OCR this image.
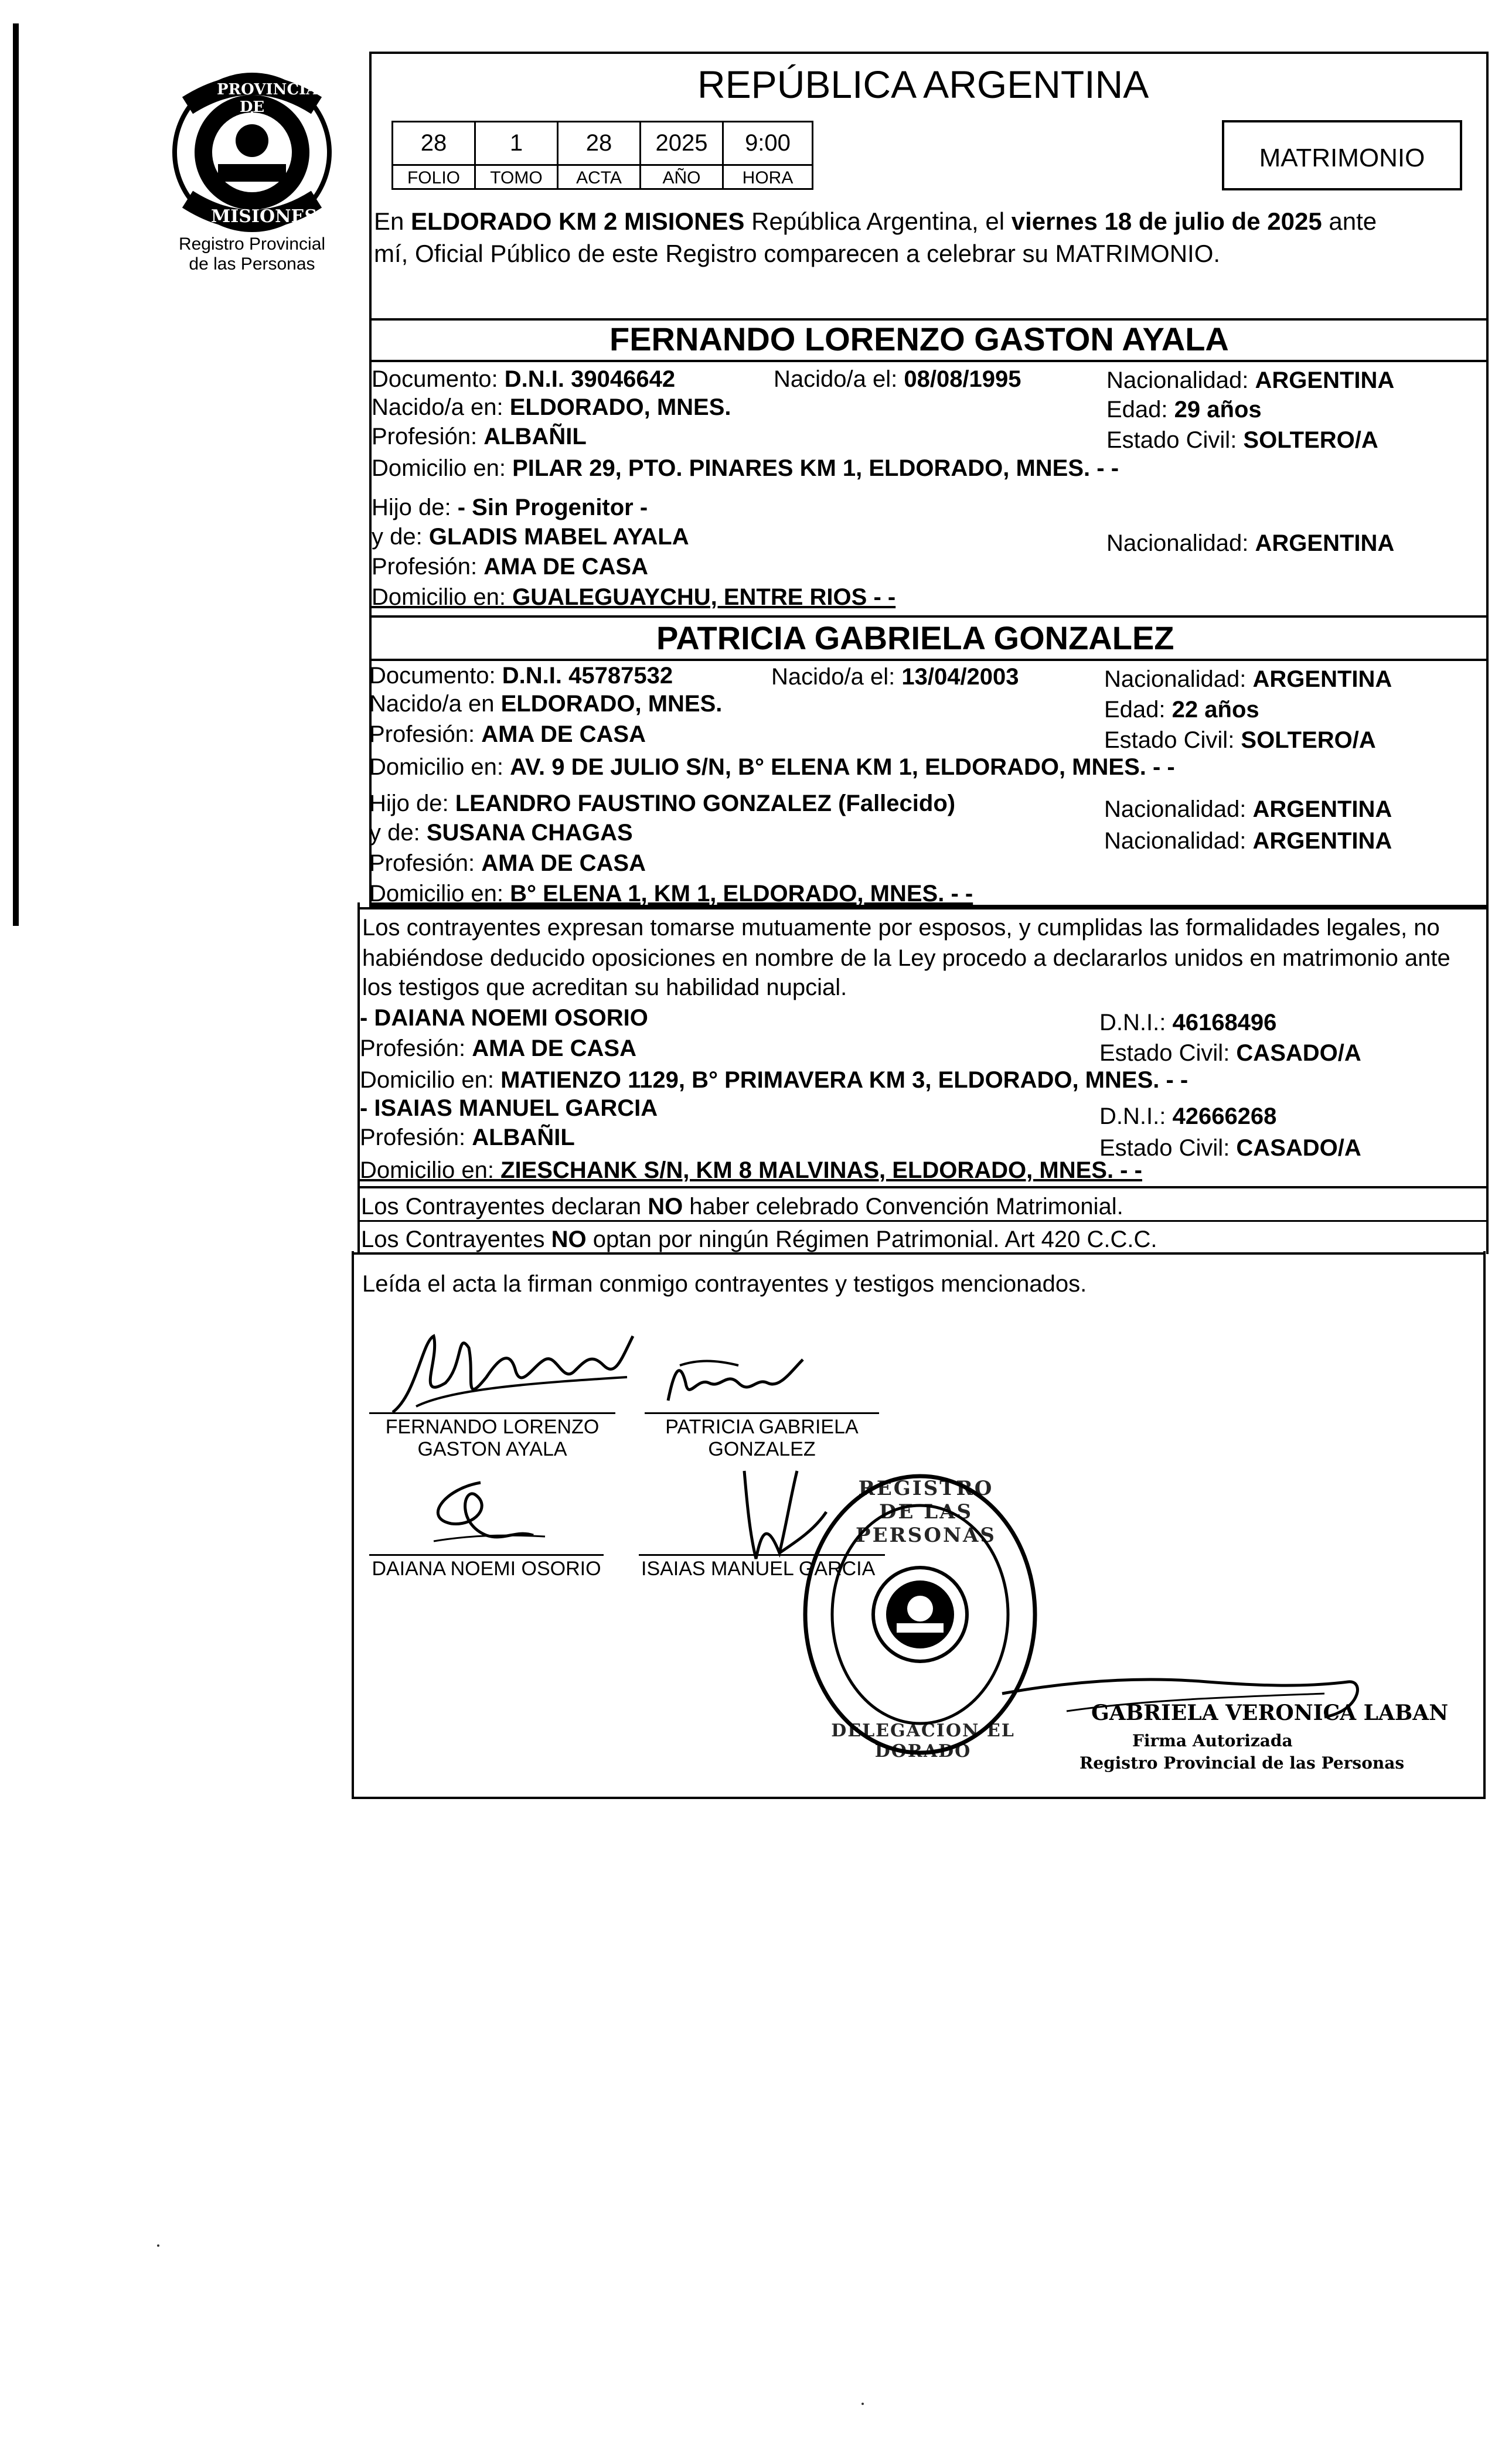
PROVINCIA DE
MISIONES
Registro Provincial
de las Personas
REPÚBLICA ARGENTINA
28
FOLIO
1
TOMO
28
ACTA
2025
AÑO
9:00
HORA
MATRIMONIO
En ELDORADO KM 2 MISIONES República Argentina, el viernes 18 de julio de 2025 ante
mí, Oficial Público de este Registro comparecen a celebrar su MATRIMONIO.
FERNANDO LORENZO GASTON AYALA
Documento: D.N.I. 39046642	Nacido/a el: 08/08/1995	Nacionalidad: ARGENTINA
Nacido/a en: ELDORADO, MNES.	Edad: 29 años
Profesión: ALBAÑIL	Estado Civil: SOLTERO/A
Domicilio en: PILAR 29, PTO. PINARES KM 1, ELDORADO, MNES. - -
Hijo de: - Sin Progenitor -
y de: GLADIS MABEL AYALA	Nacionalidad: ARGENTINA
Profesión: AMA DE CASA
Domicilio en: GUALEGUAYCHU, ENTRE RIOS - -
PATRICIA GABRIELA GONZALEZ
Documento: D.N.I. 45787532	Nacido/a el: 13/04/2003	Nacionalidad: ARGENTINA
Nacido/a en ELDORADO, MNES.	Edad: 22 años
Profesión: AMA DE CASA	Estado Civil: SOLTERO/A
Domicilio en: AV. 9 DE JULIO S/N, B° ELENA KM 1, ELDORADO, MNES. - -
Hijo de: LEANDRO FAUSTINO GONZALEZ (Fallecido)	Nacionalidad: ARGENTINA
y de: SUSANA CHAGAS	Nacionalidad: ARGENTINA
Profesión: AMA DE CASA
Domicilio en: B° ELENA 1, KM 1, ELDORADO, MNES. - -
Los contrayentes expresan tomarse mutuamente por esposos, y cumplidas las formalidades legales, no
habiéndose deducido oposiciones en nombre de la Ley procedo a declararlos unidos en matrimonio ante
los testigos que acreditan su habilidad nupcial.
- DAIANA NOEMI OSORIO	D.N.I.: 46168496
Profesión: AMA DE CASA	Estado Civil: CASADO/A
Domicilio en: MATIENZO 1129, B° PRIMAVERA KM 3, ELDORADO, MNES. - -
- ISAIAS MANUEL GARCIA	D.N.I.: 42666268
Profesión: ALBAÑIL	Estado Civil: CASADO/A
Domicilio en: ZIESCHANK S/N, KM 8 MALVINAS, ELDORADO, MNES. - -
Los Contrayentes declaran NO haber celebrado Convención Matrimonial.
Los Contrayentes NO optan por ningún Régimen Patrimonial. Art 420 C.C.C.
Leída el acta la firman conmigo contrayentes y testigos mencionados.
FERNANDO LORENZO
GASTON AYALA
PATRICIA GABRIELA
GONZALEZ
DAIANA NOEMI OSORIO ISAIAS MANUEL GARCIA
REGISTRO DE LAS PERSONAS
DELEGACION EL DORADO
GABRIELA VERONICA LABAN
Firma Autorizada
Registro Provincial de las Personas
